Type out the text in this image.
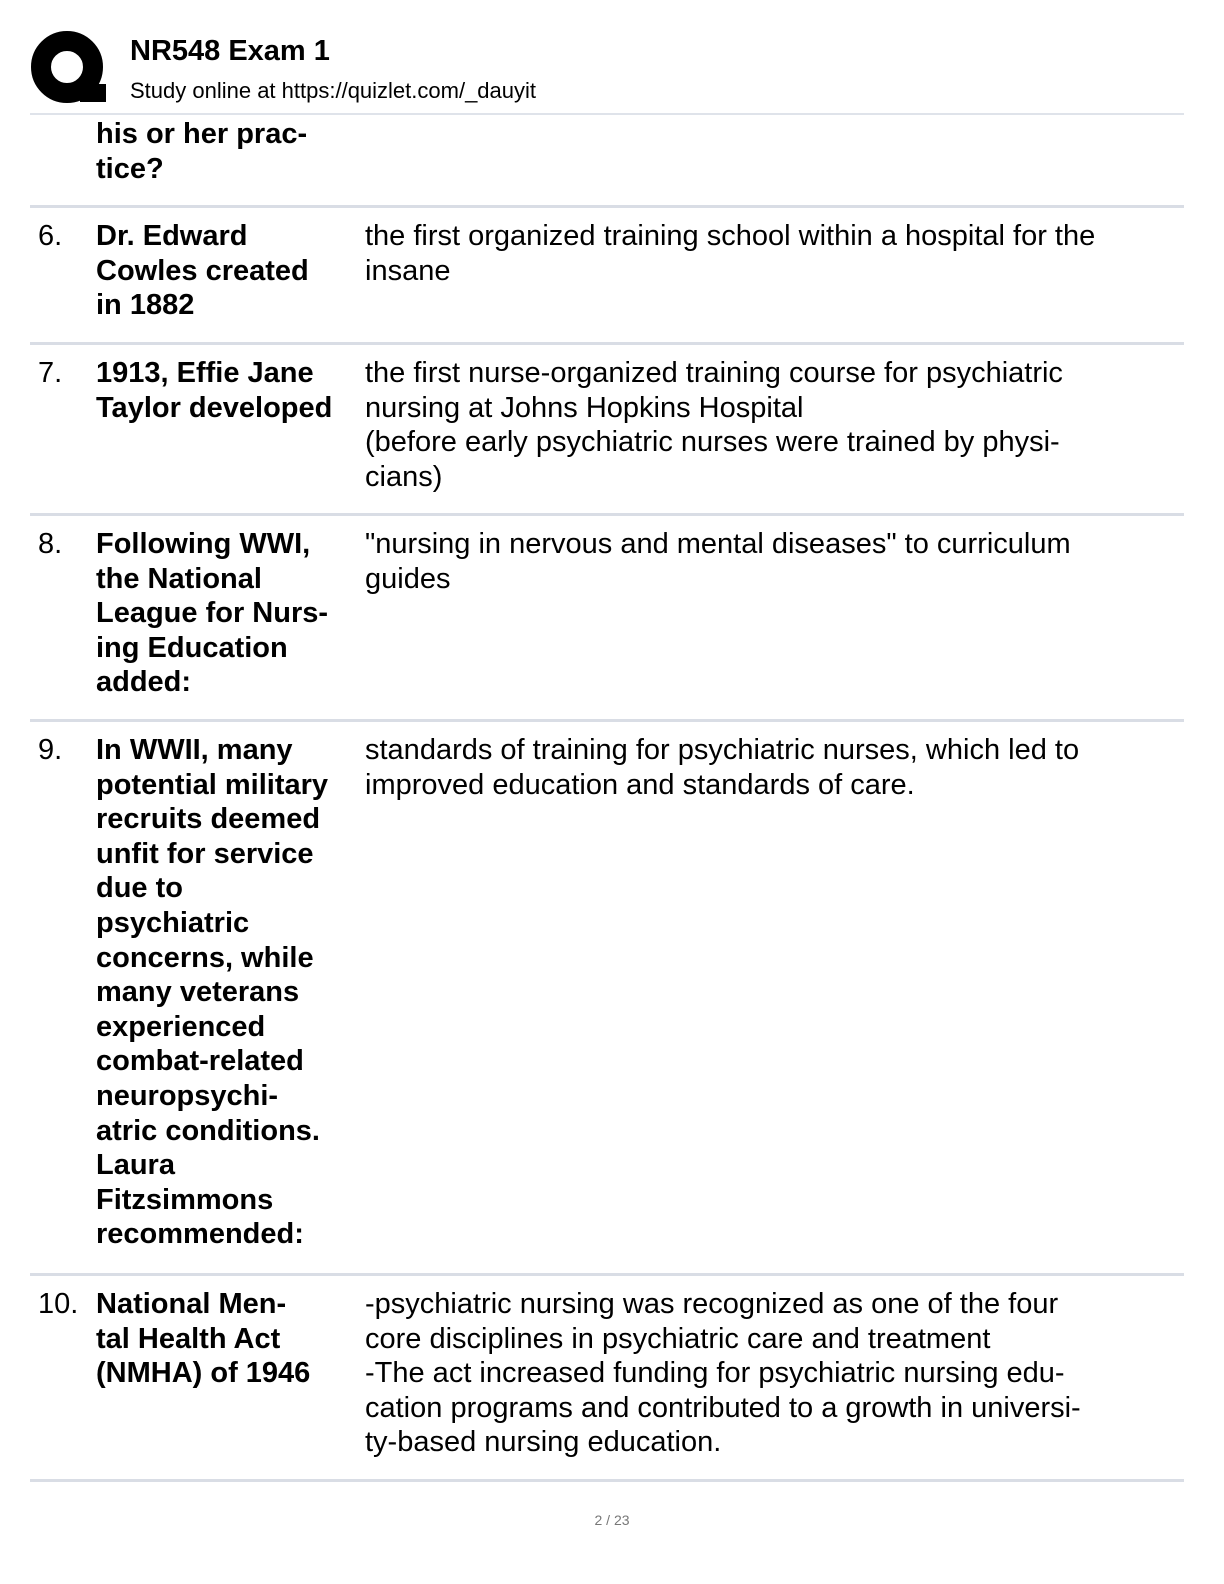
NR548 Exam 1
Study online at https://quizlet.com/_dauyit
his or her prac-
tice?
6. Dr. Edward
Cowles created
in 1882
the first organized training school within a hospital for the
insane
7. 1913, Effie Jane
Taylor developed
the first nurse-organized training course for psychiatric
nursing at Johns Hopkins Hospital
(before early psychiatric nurses were trained by physi-
cians)
8. Following WWI,
the National
League for Nurs-
ing Education
added:
"nursing in nervous and mental diseases" to curriculum
guides
9. In WWII, many
potential military
recruits deemed
unfit for service
due to
psychiatric
concerns, while
many veterans
experienced
combat-related
neuropsychi-
atric conditions.
Laura
Fitzsimmons
recommended:
standards of training for psychiatric nurses, which led to
improved education and standards of care.
10. National Men-
tal Health Act
(NMHA) of 1946
-psychiatric nursing was recognized as one of the four
core disciplines in psychiatric care and treatment
-The act increased funding for psychiatric nursing edu-
cation programs and contributed to a growth in universi-
ty-based nursing education.
2 / 23
